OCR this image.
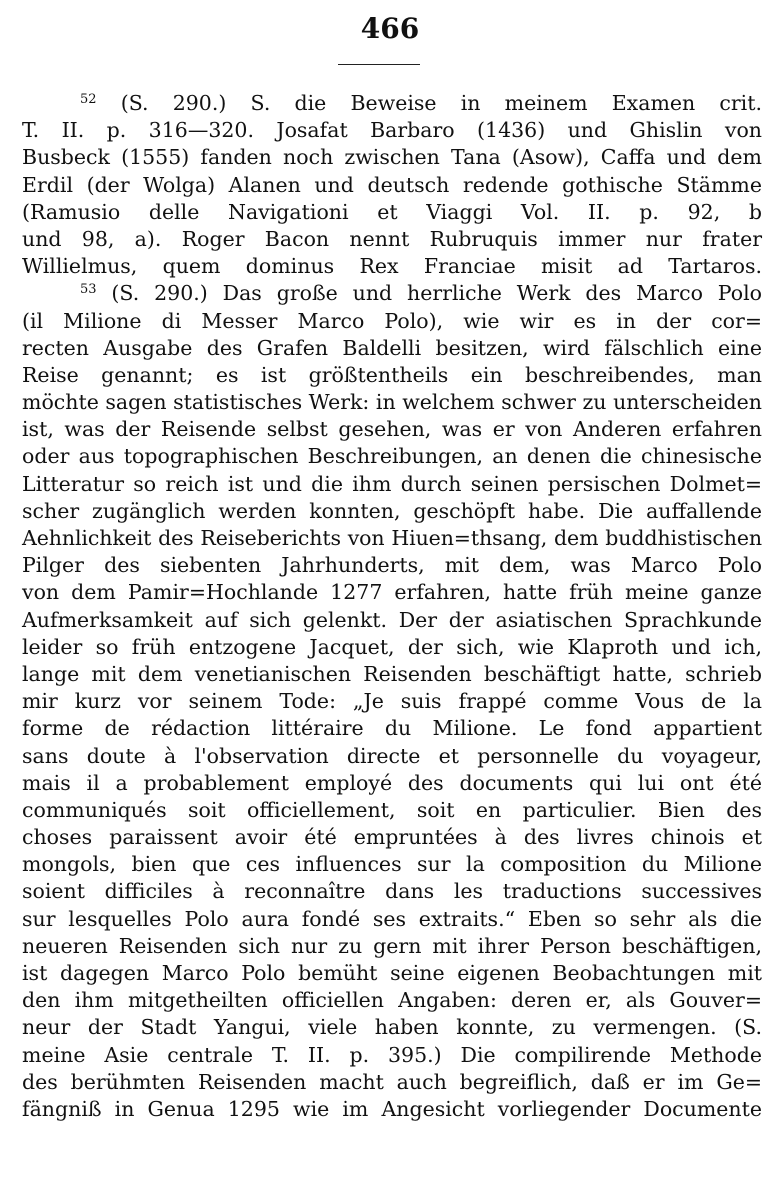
466
$^{52}$ (S. 290.) S. die Beweise in meinem Examen crit.
T. II. p. 316—320. Josafat Barbaro (1436) und Ghislin von
Busbeck (1555) fanden noch zwischen Tana (Asow), Caffa und dem
Erdil (der Wolga) Alanen und deutsch redende gothische Stämme
(Ramusio delle Navigationi et Viaggi Vol. II. p. 92, b
und 98, a). Roger Bacon nennt Rubruquis immer nur frater
Willielmus, quem dominus Rex Franciae misit ad Tartaros.
$^{53}$ (S. 290.) Das große und herrliche Werk des Marco Polo
(il Milione di Messer Marco Polo), wie wir es in der cor=
recten Ausgabe des Grafen Baldelli besitzen, wird fälschlich eine
Reise genannt; es ist größtentheils ein beschreibendes, man
möchte sagen statistisches Werk: in welchem schwer zu unterscheiden
ist, was der Reisende selbst gesehen, was er von Anderen erfahren
oder aus topographischen Beschreibungen, an denen die chinesische
Litteratur so reich ist und die ihm durch seinen persischen Dolmet=
scher zugänglich werden konnten, geschöpft habe. Die auffallende
Aehnlichkeit des Reiseberichts von Hiuen=thsang, dem buddhistischen
Pilger des siebenten Jahrhunderts, mit dem, was Marco Polo
von dem Pamir=Hochlande 1277 erfahren, hatte früh meine ganze
Aufmerksamkeit auf sich gelenkt. Der der asiatischen Sprachkunde
leider so früh entzogene Jacquet, der sich, wie Klaproth und ich,
lange mit dem venetianischen Reisenden beschäftigt hatte, schrieb
mir kurz vor seinem Tode: „Je suis frappé comme Vous de la
forme de rédaction littéraire du Milione. Le fond appartient
sans doute à l'observation directe et personnelle du voyageur,
mais il a probablement employé des documents qui lui ont été
communiqués soit officiellement, soit en particulier. Bien des
choses paraissent avoir été empruntées à des livres chinois et
mongols, bien que ces influences sur la composition du Milione
soient difficiles à reconnaître dans les traductions successives
sur lesquelles Polo aura fondé ses extraits.“ Eben so sehr als die
neueren Reisenden sich nur zu gern mit ihrer Person beschäftigen,
ist dagegen Marco Polo bemüht seine eigenen Beobachtungen mit
den ihm mitgetheilten officiellen Angaben: deren er, als Gouver=
neur der Stadt Yangui, viele haben konnte, zu vermengen. (S.
meine Asie centrale T. II. p. 395.) Die compilirende Methode
des berühmten Reisenden macht auch begreiflich, daß er im Ge=
fängniß in Genua 1295 wie im Angesicht vorliegender Documente
